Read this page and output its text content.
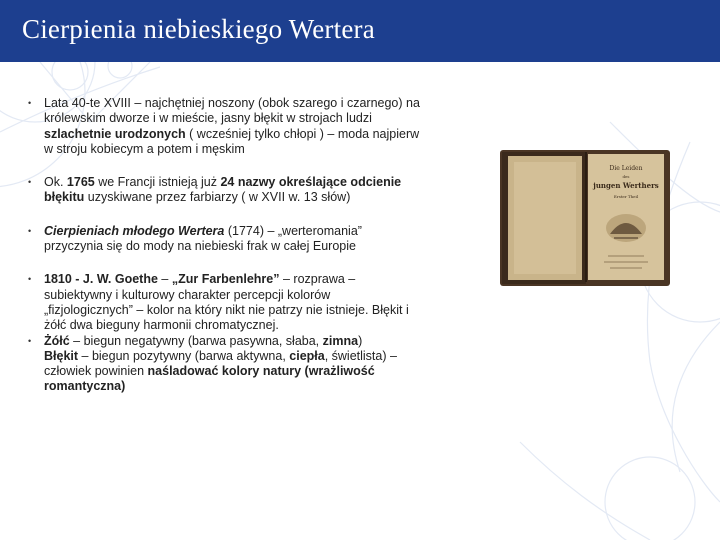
Cierpienia niebieskiego Wertera
• Lata 40-te XVIII – najchętniej noszony (obok szarego i czarnego) na królewskim dworze i w mieście, jasny błękit w strojach ludzi szlachetnie urodzonych ( wcześniej tylko chłopi ) – moda najpierw w stroju kobiecym a potem i męskim
• Ok. 1765 we Francji istnieją już 24 nazwy określające odcienie błękitu uzyskiwane przez farbiarzy ( w XVII w. 13 słów)
• Cierpieniach młodego Wertera (1774) – „werteromania” przyczynia się do mody na niebieski frak w całej Europie
• 1810 - J. W. Goethe – „Zur Farbenlehre” – rozprawa – subiektywny i kulturowy charakter percepcji kolorów „fizjologicznych” – kolor na który nikt nie patrzy nie istnieje. Błękit i żółć dwa bieguny harmonii chromatycznej.
• Żółć – biegun negatywny (barwa pasywna, słaba, zimna)
Błękit – biegun pozytywny (barwa aktywna, ciepła, świetlista) – człowiek powinien naśladować kolory natury (wrażliwość romantyczna)
Die Leiden
des
jungen Werthers
Erster Theil
